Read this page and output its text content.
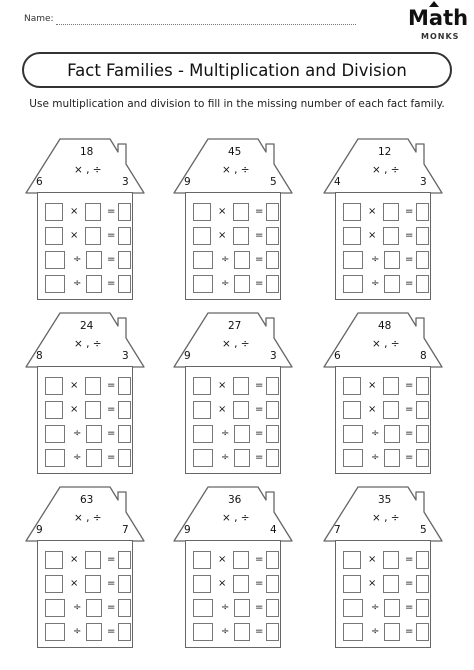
Name:	Math
MONKS
Fact Families - Multiplication and Division
Use multiplication and division to fill in the missing number of each fact family.
18
× , ÷
6	3
×	=
×	=
÷	=
÷	=
45
× , ÷
9	5
×	=
×	=
÷	=
÷	=
12
× , ÷
4	3
×	=
×	=
÷	=
÷	=
24
× , ÷
8	3
×	=
×	=
÷	=
÷	=
27
× , ÷
9	3
×	=
×	=
÷	=
÷	=
48
× , ÷
6	8
×	=
×	=
÷	=
÷	=
63
× , ÷
9	7
×	=
×	=
÷	=
÷	=
36
× , ÷
9	4
×	=
×	=
÷	=
÷	=
35
× , ÷
7	5
×	=
×	=
÷	=
÷	=
